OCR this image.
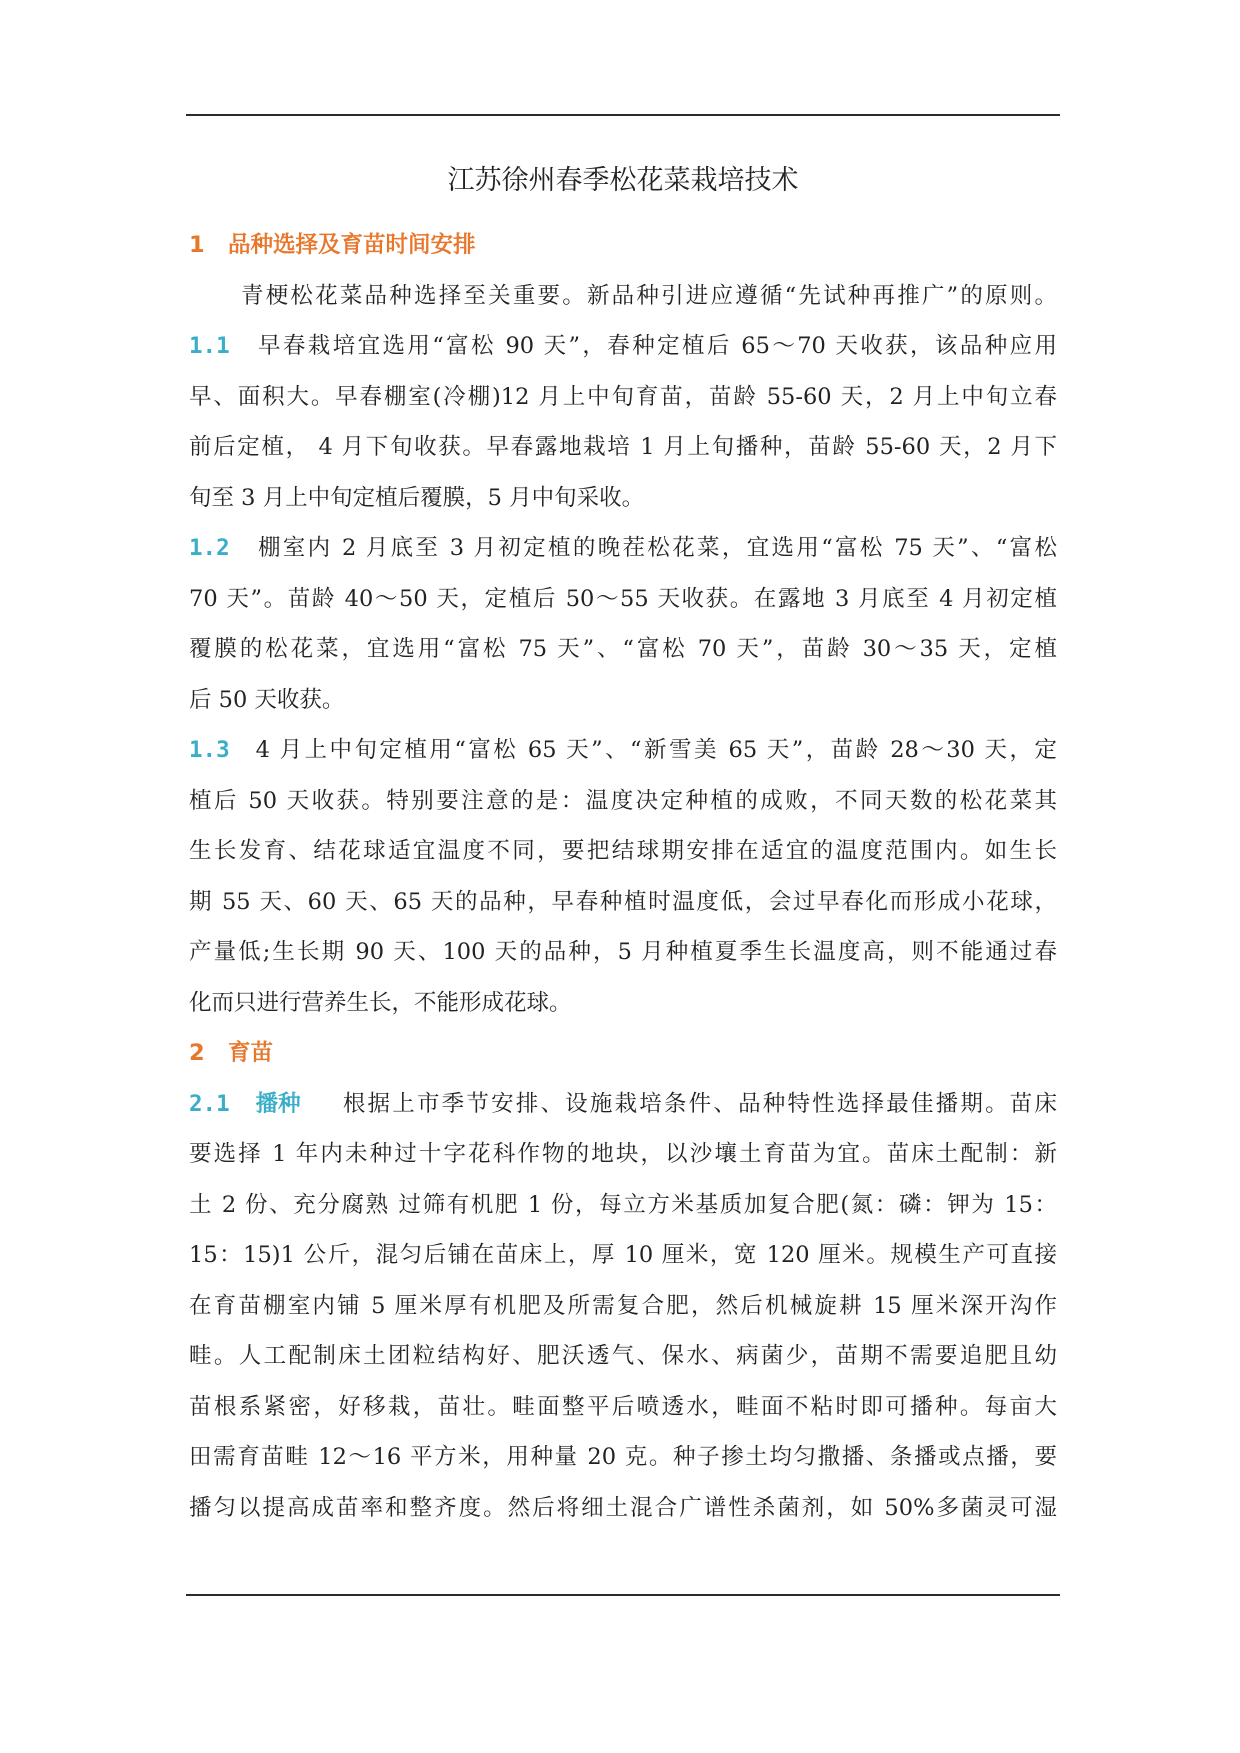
江苏徐州春季松花菜栽培技术
1 品种选择及育苗时间安排
青梗松花菜品种选择至关重要。新品种引进应遵循“先试种再推广”的原则。
1.1 早春栽培宜选用“富松 90 天”，春种定植后 65～70 天收获，该品种应用
早、面积大。早春棚室(冷棚)12 月上中旬育苗，苗龄 55-60 天，2 月上中旬立春
前后定植， 4 月下旬收获。早春露地栽培 1 月上旬播种，苗龄 55-60 天，2 月下
旬至 3 月上中旬定植后覆膜，5 月中旬采收。
1.2 棚室内 2 月底至 3 月初定植的晚茬松花菜，宜选用“富松 75 天”、“富松
70 天”。苗龄 40～50 天，定植后 50～55 天收获。在露地 3 月底至 4 月初定植
覆膜的松花菜，宜选用“富松 75 天”、“富松 70 天”，苗龄 30～35 天，定植
后 50 天收获。
1.3 4 月上中旬定植用“富松 65 天”、“新雪美 65 天”，苗龄 28～30 天，定
植后 50 天收获。特别要注意的是：温度决定种植的成败，不同天数的松花菜其
生长发育、结花球适宜温度不同，要把结球期安排在适宜的温度范围内。如生长
期 55 天、60 天、65 天的品种，早春种植时温度低，会过早春化而形成小花球，
产量低;生长期 90 天、100 天的品种，5 月种植夏季生长温度高，则不能通过春
化而只进行营养生长，不能形成花球。
2 育苗
2.1 播种 根据上市季节安排、设施栽培条件、品种特性选择最佳播期。苗床
要选择 1 年内未种过十字花科作物的地块，以沙壤土育苗为宜。苗床土配制：新
土 2 份、充分腐熟 过筛有机肥 1 份，每立方米基质加复合肥(氮：磷：钾为 15：
15：15)1 公斤，混匀后铺在苗床上，厚 10 厘米，宽 120 厘米。规模生产可直接
在育苗棚室内铺 5 厘米厚有机肥及所需复合肥，然后机械旋耕 15 厘米深开沟作
畦。人工配制床土团粒结构好、肥沃透气、保水、病菌少，苗期不需要追肥且幼
苗根系紧密，好移栽，苗壮。畦面整平后喷透水，畦面不粘时即可播种。每亩大
田需育苗畦 12～16 平方米，用种量 20 克。种子掺土均匀撒播、条播或点播，要
播匀以提高成苗率和整齐度。然后将细土混合广谱性杀菌剂，如 50%多菌灵可湿
